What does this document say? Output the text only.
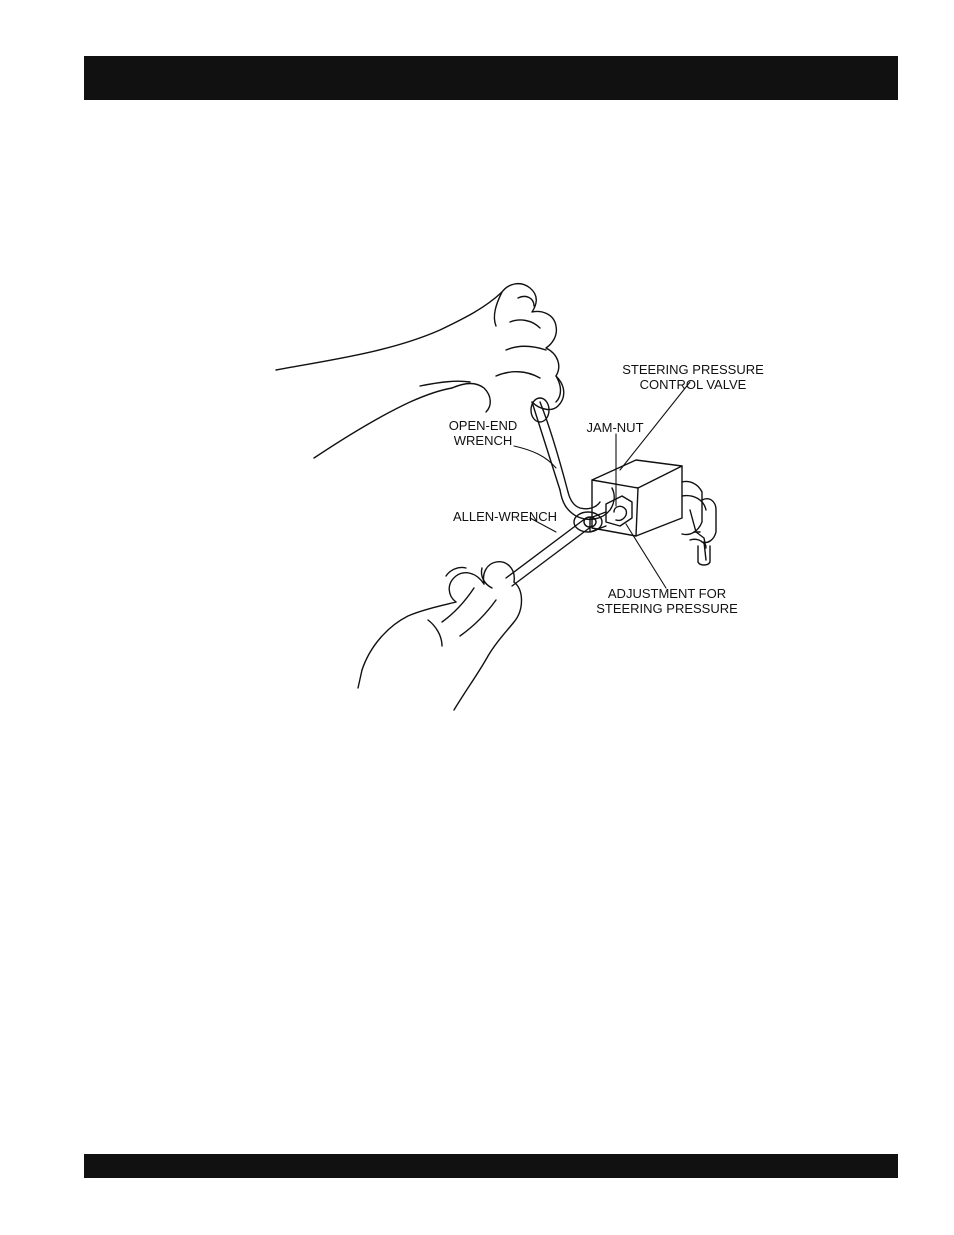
STEERING PRESSURE
CONTROL VALVE
OPEN-END
WRENCH
JAM-NUT
ALLEN-WRENCH
ADJUSTMENT FOR
STEERING PRESSURE
